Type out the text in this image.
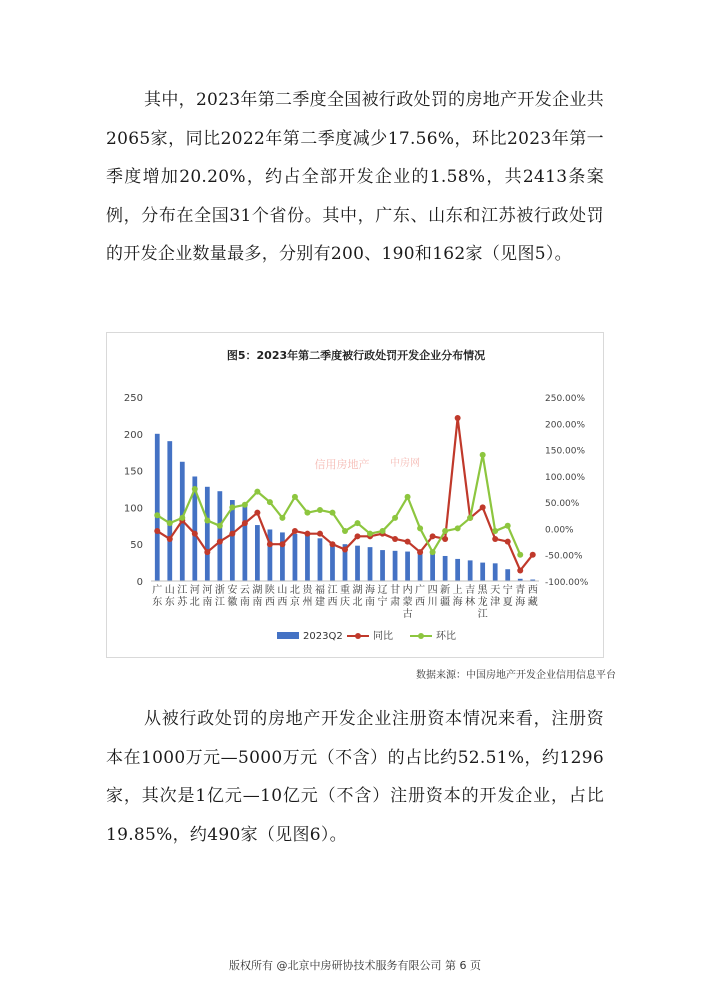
其中，2023年第二季度全国被行政处罚的房地产开发企业共2065家，同比2022年第二季度减少17.56%，环比2023年第一季度增加20.20%，约占全部开发企业的1.58%，共2413条案例，分布在全国31个省份。其中，广东、山东和江苏被行政处罚的开发企业数量最多，分别有200、190和162家（见图5）。
图5：2023年第二季度被行政处罚开发企业分布情况
信用房地产 中房网
0
50
100
150
200
250
-100.00%
-50.00%
0.00%
50.00%
100.00%
150.00%
200.00%
250.00%
广东
山东
江苏
河北
河南
浙江
安徽
云南
湖南
陕西
山西
北京
贵州
福建
江西
重庆
湖北
海南
辽宁
甘肃
内蒙古
广西
四川
新疆
上海
吉林
黑龙江
天津
宁夏
青海
西藏
2023Q2	同比	环比
数据来源：中国房地产开发企业信用信息平台
从被行政处罚的房地产开发企业注册资本情况来看，注册资本在1000万元—5000万元（不含）的占比约52.51%，约1296家，其次是1亿元—10亿元（不含）注册资本的开发企业，占比19.85%，约490家（见图6）。
版权所有 @北京中房研协技术服务有限公司 第 6 页
